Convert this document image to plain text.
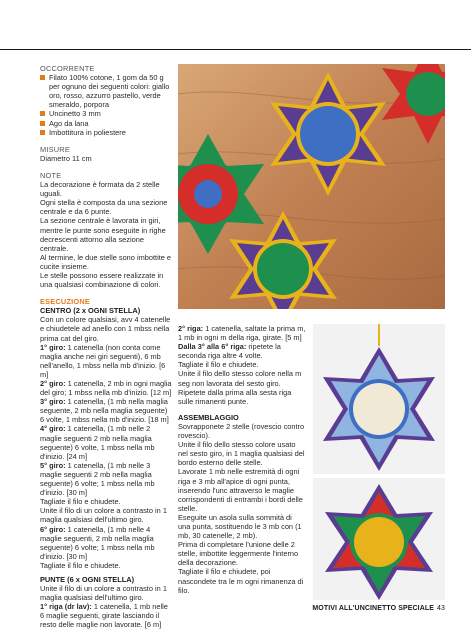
OCCORRENTE
Filato 100% cotone, 1 gom da 50 g per ognuno dei seguenti colori: giallo oro, rosso, azzurro pastello, verde smeraldo, porpora
Uncinetto 3 mm
Ago da lana
Imbottitura in poliestere
MISURE

Diametro 11 cm

NOTE

La decorazione è formata da 2 stelle uguali.

Ogni stella è composta da una sezione centrale e da 6 punte.

La sezione centrale è lavorata in giri, mentre le punte sono eseguite in righe decrescenti attorno alla sezione centrale.

Al termine, le due stelle sono imbottite e cucite insieme.

Le stelle possono essere realizzate in una qualsiasi combinazione di colori.

ESECUZIONE
CENTRO (2 x OGNI STELLA)

Con un colore qualsiasi, avv 4 catenelle e chiudetele ad anello con 1 mbss nella prima cat del giro.

1° giro: 1 catenella (non conta come maglia anche nei giri seguenti), 6 mb nell'anello, 1 mbss nella mb d'inizio. [6 m]

2° giro: 1 catenella, 2 mb in ogni maglia del giro; 1 mbss nella mb d'inizio. [12 m]

3° giro: 1 catenella, (1 mb nella maglia seguente, 2 mb nella maglia seguente) 6 volte, 1 mbss nella mb d'inizio. [18 m]

4° giro: 1 catenella, (1 mb nelle 2 maglie seguenti 2 mb nella maglia seguente) 6 volte, 1 mbss nella mb d'inizio. [24 m]

5° giro: 1 catenella, (1 mb nelle 3 maglie seguenti 2 mb nella maglia seguente) 6 volte; 1 mbss nella mb d'inizio. [30 m]

Tagliate il filo e chiudete.

Unite il filo di un colore a contrasto in 1 maglia qualsiasi dell'ultimo giro.

6° giro: 1 catenella, (1 mb nelle 4 maglie seguenti, 2 mb nella maglia seguente) 6 volte; 1 mbss nella mb d'inizio. [30 m]

Tagliate il filo e chiudete.

PUNTE (6 x OGNI STELLA)

Unite il filo di un colore a contrasto in 1 maglia qualsiasi dell'ultimo giro.

1° riga (dr lav): 1 catenella, 1 mb nelle 6 maglie seguenti, girate lasciando il resto delle maglie non lavorate. [6 m]

2° riga: 1 catenella, saltate la prima m, 1 mb in ogni m della riga, girate. [5 m]

Dalla 3° alla 6° riga: ripetete la seconda riga altre 4 volte.

Tagliate il filo e chiudete.

Unite il filo dello stesso colore nella m seg non lavorata del sesto giro.

Ripetete dalla prima alla sesta riga sulle rimanenti punte.

ASSEMBLAGGIO

Sovrapponete 2 stelle (rovescio contro rovescio).

Unite il filo dello stesso colore usato nel sesto giro, in 1 maglia qualsiasi del bordo esterno delle stelle.

Lavorate 1 mb nelle estremità di ogni riga e 3 mb all'apice di ogni punta, inserendo l'unc attraverso le maglie corrispondenti di entrambi i bordi delle stelle.

Eseguite un asola sulla sommità di una punta, sostituendo le 3 mb con (1 mb, 30 catenelle, 2 mb).

Prima di completare l'unione delle 2 stelle, imbottite leggermente l'interno della decorazione.

Tagliate il filo e chiudete, poi nascondete tra le m ogni rimanenza di filo.

MOTIVI ALL'UNCINETTO SPECIALE 43
